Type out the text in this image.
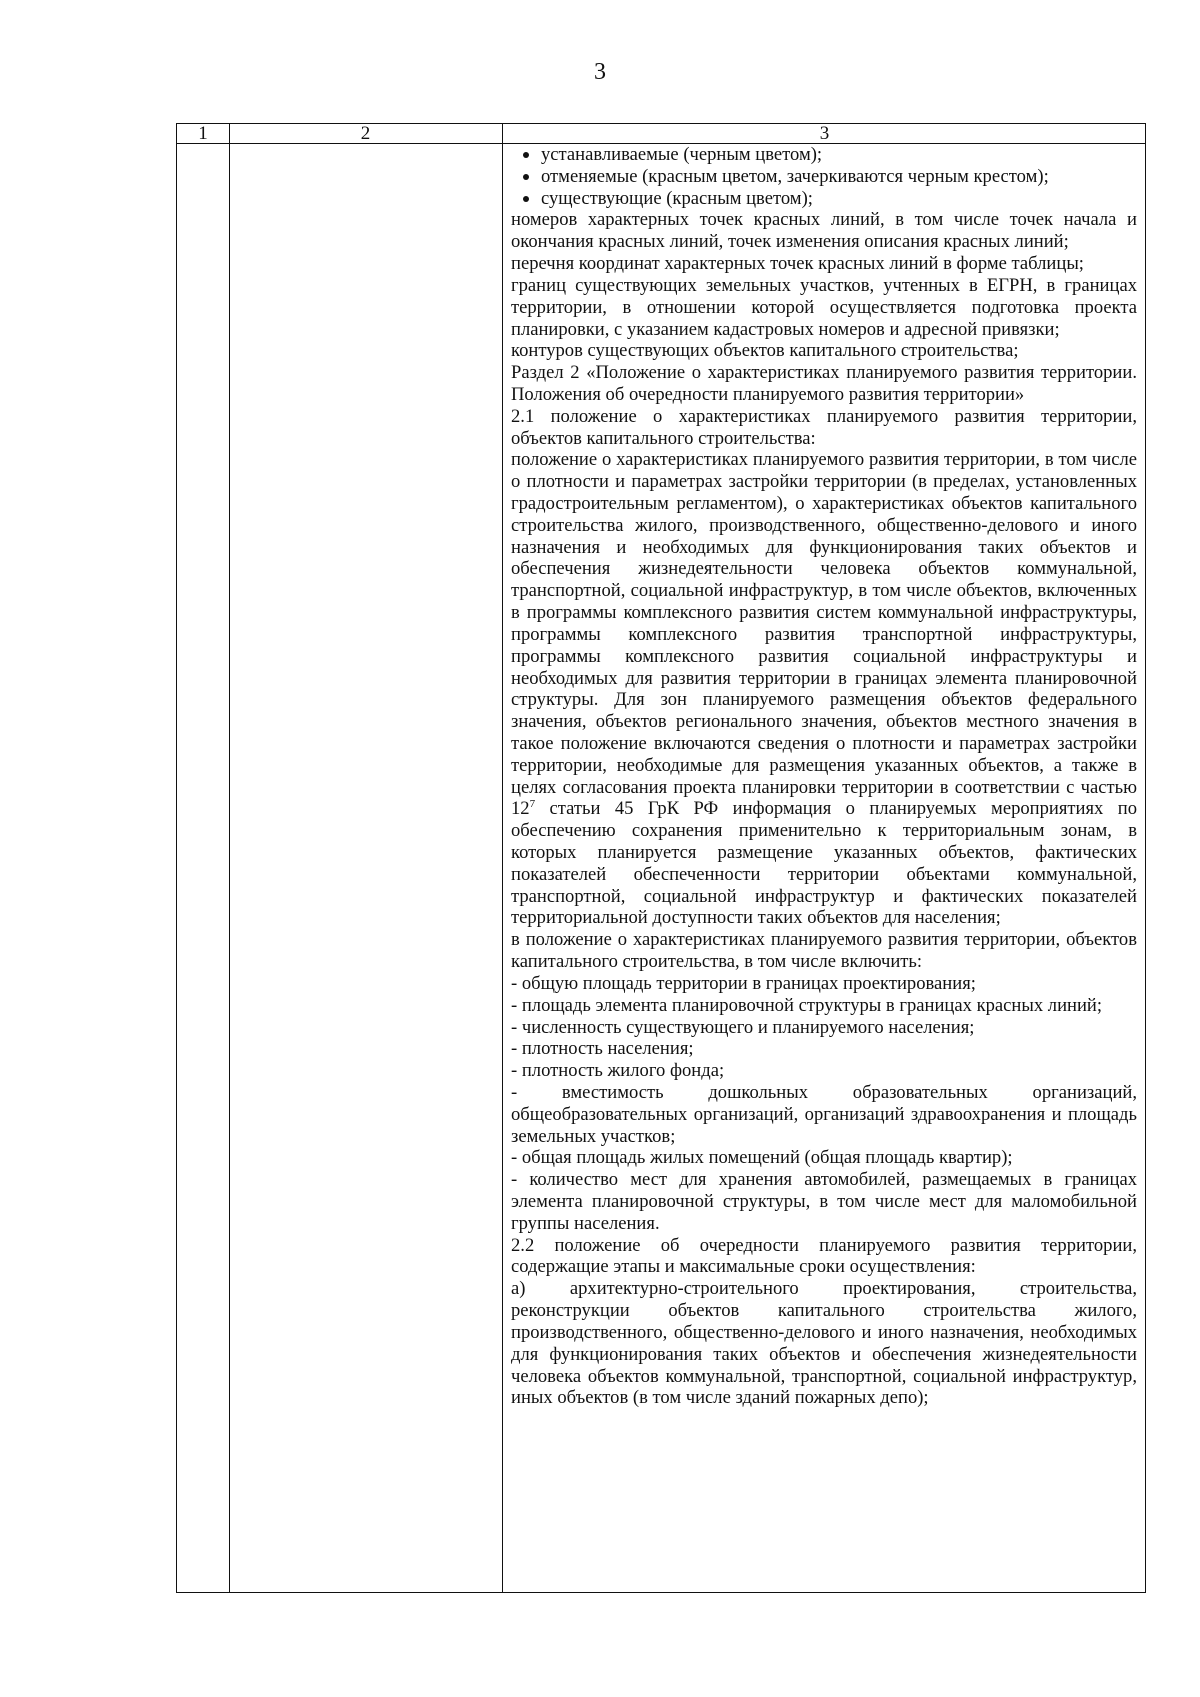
3
1	2	3
устанавливаемые (черным цветом);
отменяемые (красным цветом, зачеркиваются черным крестом);
существующие (красным цветом);

номеров характерных точек красных линий, в том числе точек начала и окончания красных линий, точек изменения описания красных линий;

перечня координат характерных точек красных линий в форме таблицы;

границ существующих земельных участков, учтенных в ЕГРН, в границах территории, в отношении которой осуществляется подготовка проекта планировки, с указанием кадастровых номеров и адресной привязки;

контуров существующих объектов капитального строительства;

Раздел 2 «Положение о характеристиках планируемого развития территории. Положения об очередности планируемого развития территории»

2.1 положение о характеристиках планируемого развития территории, объектов капитального строительства:

положение о характеристиках планируемого развития территории, в том числе о плотности и параметрах застройки территории (в пределах, установленных градостроительным регламентом), о характеристиках объектов капитального строительства жилого, производственного, общественно-делового и иного назначения и необходимых для функционирования таких объектов и обеспечения жизнедеятельности человека объектов коммунальной, транспортной, социальной инфраструктур, в том числе объектов, включенных в программы комплексного развития систем коммунальной инфраструктуры, программы комплексного развития транспортной инфраструктуры, программы комплексного развития социальной инфраструктуры и необходимых для развития территории в границах элемента планировочной структуры. Для зон планируемого размещения объектов федерального значения, объектов регионального значения, объектов местного значения в такое положение включаются сведения о плотности и параметрах застройки территории, необходимые для размещения указанных объектов, а также в целях согласования проекта планировки территории в соответствии с частью $12^7$ статьи 45 ГрК РФ информация о планируемых мероприятиях по обеспечению сохранения применительно к территориальным зонам, в которых планируется размещение указанных объектов, фактических показателей обеспеченности территории объектами коммунальной, транспортной, социальной инфраструктур и фактических показателей территориальной доступности таких объектов для населения;

в положение о характеристиках планируемого развития территории, объектов капитального строительства, в том числе включить:

- общую площадь территории в границах проектирования;

- площадь элемента планировочной структуры в границах красных линий;

- численность существующего и планируемого населения;

- плотность населения;

- плотность жилого фонда;

- вместимость дошкольных образовательных организаций, общеобразовательных организаций, организаций здравоохранения и площадь земельных участков;

- общая площадь жилых помещений (общая площадь квартир);

- количество мест для хранения автомобилей, размещаемых в границах элемента планировочной структуры, в том числе мест для маломобильной группы населения.

2.2 положение об очередности планируемого развития территории, содержащие этапы и максимальные сроки осуществления:

а) архитектурно-строительного проектирования, строительства, реконструкции объектов капитального строительства жилого, производственного, общественно-делового и иного назначения, необходимых для функционирования таких объектов и обеспечения жизнедеятельности человека объектов коммунальной, транспортной, социальной инфраструктур, иных объектов (в том числе зданий пожарных депо);
